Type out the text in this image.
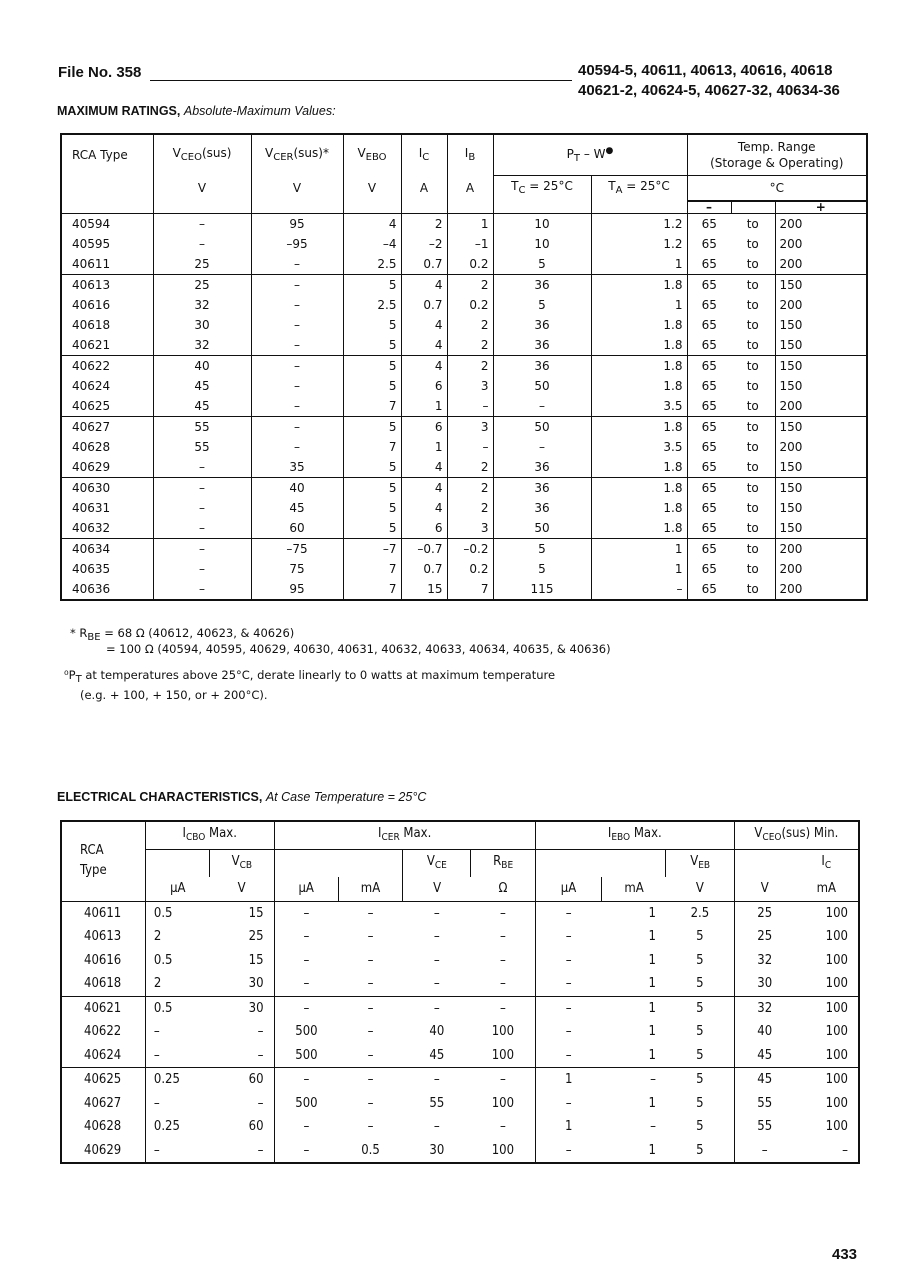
File No. 358	40594-5, 40611, 40613, 40616, 40618
40621-2, 40624-5, 40627-32, 40634-36
MAXIMUM RATINGS, Absolute-Maximum Values:
RCA Type	$V_{CEO}(sus)$	$V_{CER}(sus)*$	$V_{EBO}$	$I_C$	$I_B$	$P_T - W^●$		Temp. Range
(Storage & Operating)		
	V	V	V	A	A	$T_C = 25^\circ C$	$T_A = 25^\circ C$	°C		
								–		+
40594	–	95	4	2	1	10	1.2	65	to	200
40595	–	–95	–4	–2	–1	10	1.2	65	to	200
40611	25	–	2.5	0.7	0.2	5	1	65	to	200
40613	25	–	5	4	2	36	1.8	65	to	150
40616	32	–	2.5	0.7	0.2	5	1	65	to	200
40618	30	–	5	4	2	36	1.8	65	to	150
40621	32	–	5	4	2	36	1.8	65	to	150
40622	40	–	5	4	2	36	1.8	65	to	150
40624	45	–	5	6	3	50	1.8	65	to	150
40625	45	–	7	1	–	–	3.5	65	to	200
40627	55	–	5	6	3	50	1.8	65	to	150
40628	55	–	7	1	–	–	3.5	65	to	200
40629	–	35	5	4	2	36	1.8	65	to	150
40630	–	40	5	4	2	36	1.8	65	to	150
40631	–	45	5	4	2	36	1.8	65	to	150
40632	–	60	5	6	3	50	1.8	65	to	150
40634	–	–75	–7	–0.7	–0.2	5	1	65	to	200
40635	–	75	7	0.7	0.2	5	1	65	to	200
40636	–	95	7	15	7	115	–	65	to	200
* $R_{BE} = 68$ Ω (40612, 40623, & 40626)
= 100 Ω (40594, 40595, 40629, 40630, 40631, 40632, 40633, 40634, 40635, & 40636)
$^0P_T$ at temperatures above 25°C, derate linearly to 0 watts at maximum temperature
(e.g. + 100, + 150, or + 200°C).
ELECTRICAL CHARACTERISTICS, At Case Temperature = 25°C
RCA
Type	$I_{CBO}$ Max.		$I_{CER}$ Max.				$I_{EBO}$ Max.			$V_{CEO}(sus)$ Min.	
		$V_{CB}$			$V_{CE}$	$R_{BE}$			$V_{EB}$		$I_C$
	μA	V	μA	mA	V	Ω	μA	mA	V	V	mA
40611	0.5	15	–	–	–	–	–	1	2.5	25	100
40613	2	25	–	–	–	–	–	1	5	25	100
40616	0.5	15	–	–	–	–	–	1	5	32	100
40618	2	30	–	–	–	–	–	1	5	30	100
40621	0.5	30	–	–	–	–	–	1	5	32	100
40622	–	–	500	–	40	100	–	1	5	40	100
40624	–	–	500	–	45	100	–	1	5	45	100
40625	0.25	60	–	–	–	–	1	–	5	45	100
40627	–	–	500	–	55	100	–	1	5	55	100
40628	0.25	60	–	–	–	–	1	–	5	55	100
40629	–	–	–	0.5	30	100	–	1	5	–	–
433
